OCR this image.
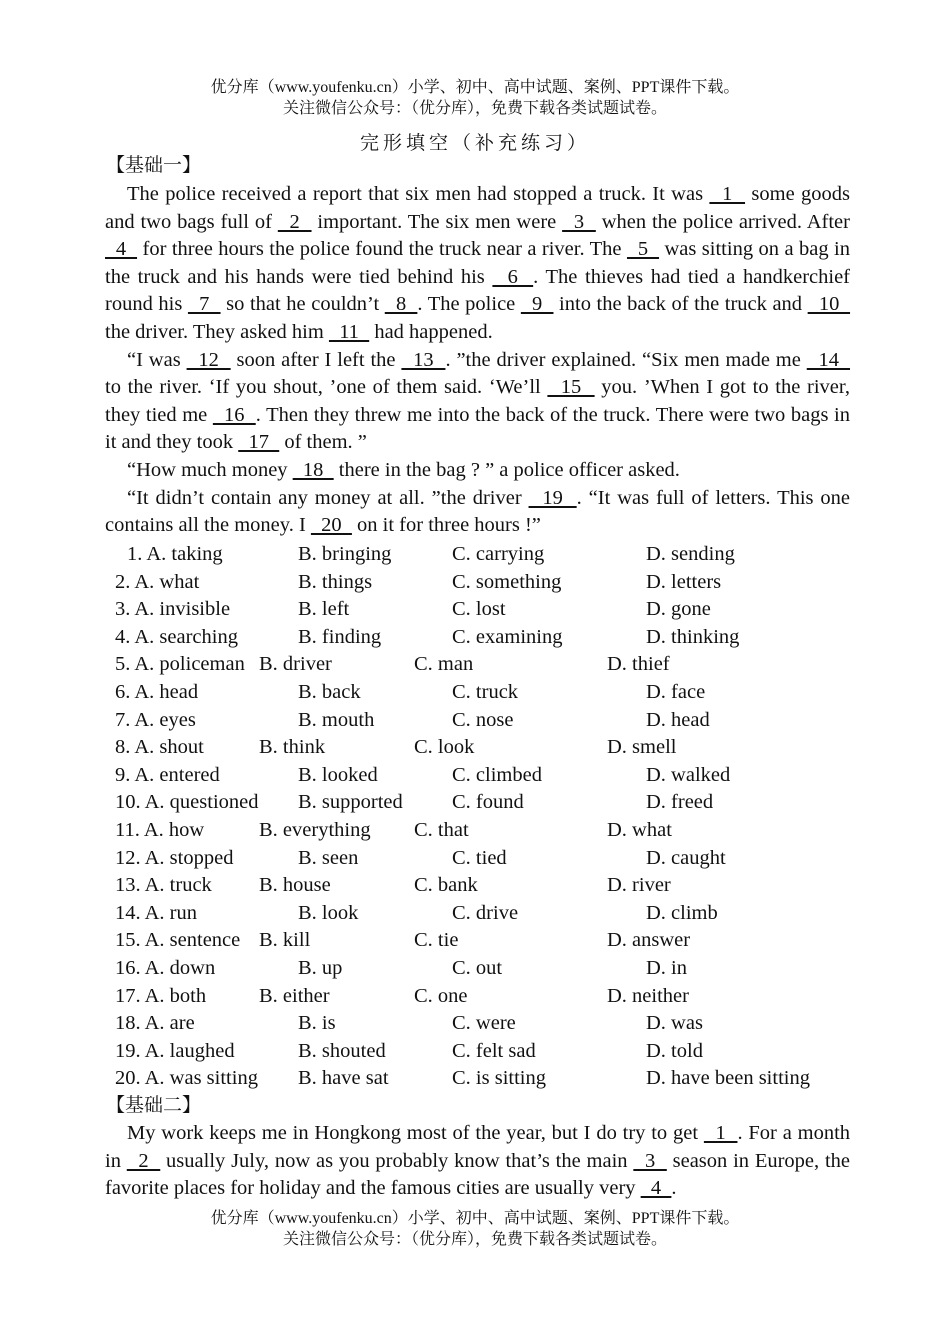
优分库（www.youfenku.cn）小学、初中、高中试题、案例、PPT课件下载。
关注微信公众号：（优分库），免费下载各类试题试卷。
完形填空（补充练习）
【基础一】

The police received a report that six men had stopped a truck. It was   1   some goods and two bags full of   2   important. The six men were   3   when the police arrived. After   4   for three hours the police found the truck near a river. The   5   was sitting on a bag in the truck and his hands were tied behind his   6  . The thieves had tied a handkerchief round his   7   so that he couldn’t   8  . The police   9   into the back of the truck and   10   the driver. They asked him   11   had happened.

“I was   12   soon after I left the   13  . ”the driver explained. “Six men made me   14   to the river. ‘If you shout, ’one of them said. ‘We’ll   15   you. ’When I got to the river, they tied me   16  . Then they threw me into the back of the truck. There were two bags in it and they took   17   of them. ”

“How much money   18   there in the bag ? ” a police officer asked.

“It didn’t contain any money at all. ”the driver   19  . “It was full of letters. This one contains all the money. I   20   on it for three hours !”

1. A. taking	B. bringing	C. carrying	D. sending
2. A. what	B. things	C. something	D. letters
3. A. invisible	B. left	C. lost	D. gone
4. A. searching	B. finding	C. examining	D. thinking
5. A. policeman B. driver	C. man	D. thief
6. A. head	B. back	C. truck	D. face
7. A. eyes	B. mouth	C. nose	D. head
8. A. shout	B. think	C. look	D. smell
9. A. entered	B. looked	C. climbed	D. walked
10. A. questioned B. supported C. found	D. freed
11. A. how	B. everything C. that	D. what
12. A. stopped	B. seen	C. tied	D. caught
13. A. truck B. house	C. bank	D. river
14. A. run	B. look	C. drive	D. climb
15. A. sentence B. kill	C. tie	D. answer
16. A. down	B. up	C. out	D. in
17. A. both	B. either	C. one	D. neither
18. A. are	B. is	C. were	D. was
19. A. laughed	B. shouted	C. felt sad	D. told
20. A. was sitting B. have sat	C. is sitting	D. have been sitting
【基础二】

My work keeps me in Hongkong most of the year, but I do try to get   1  . For a month in   2   usually July, now as you probably know that’s the main   3   season in Europe, the favorite places for holiday and the famous cities are usually very   4  .

优分库（www.youfenku.cn）小学、初中、高中试题、案例、PPT课件下载。
关注微信公众号：（优分库），免费下载各类试题试卷。
